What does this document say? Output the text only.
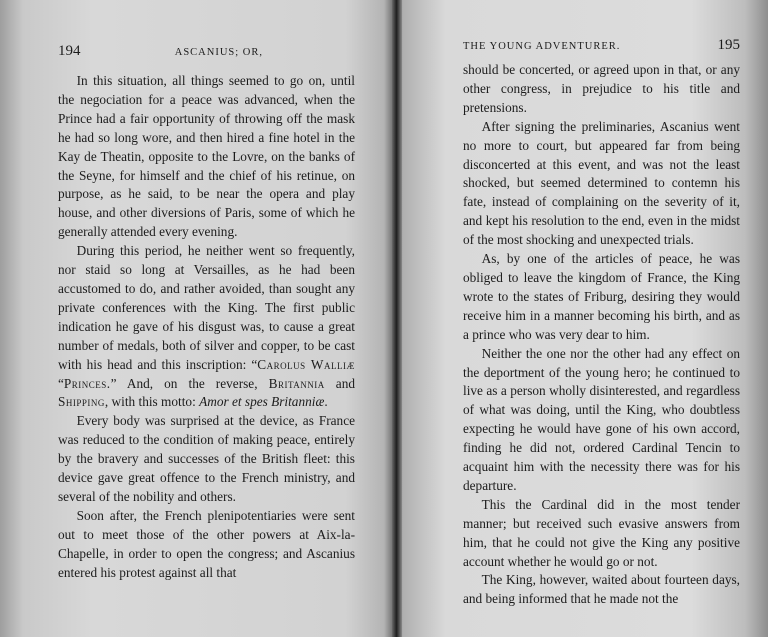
194	ASCANIUS; OR,

In this situation, all things seemed to go on, until the negociation for a peace was advanced, when the Prince had a fair opportunity of throwing off the mask he had so long wore, and then hired a fine hotel in the Kay de Theatin, opposite to the Lovre, on the banks of the Seyne, for himself and the chief of his retinue, on purpose, as he said, to be near the opera and play house, and other diversions of Paris, some of which he generally attended every evening.

During this period, he neither went so frequently, nor staid so long at Versailles, as he had been accustomed to do, and rather avoided, than sought any private conferences with the King. The first public indication he gave of his disgust was, to cause a great number of medals, both of silver and copper, to be cast with his head and this inscription: “Carolus Walliæ “Princes.” And, on the reverse, Britannia and Shipping, with this motto: Amor et spes Britanniæ.

Every body was surprised at the device, as France was reduced to the condition of making peace, entirely by the bravery and successes of the British fleet: this device gave great offence to the French ministry, and several of the nobility and others.

Soon after, the French plenipotentiaries were sent out to meet those of the other powers at Aix-la-Chapelle, in order to open the congress; and Ascanius entered his protest against all that

THE YOUNG ADVENTURER.	195

should be concerted, or agreed upon in that, or any other congress, in prejudice to his title and pretensions.

After signing the preliminaries, Ascanius went no more to court, but appeared far from being disconcerted at this event, and was not the least shocked, but seemed determined to contemn his fate, instead of complaining on the severity of it, and kept his resolution to the end, even in the midst of the most shocking and unexpected trials.

As, by one of the articles of peace, he was obliged to leave the kingdom of France, the King wrote to the states of Friburg, desiring they would receive him in a manner becoming his birth, and as a prince who was very dear to him.

Neither the one nor the other had any effect on the deportment of the young hero; he continued to live as a person wholly disinterested, and regardless of what was doing, until the King, who doubtless expecting he would have gone of his own accord, finding he did not, ordered Cardinal Tencin to acquaint him with the necessity there was for his departure.

This the Cardinal did in the most tender manner; but received such evasive answers from him, that he could not give the King any positive account whether he would go or not.

The King, however, waited about fourteen days, and being informed that he made not the
